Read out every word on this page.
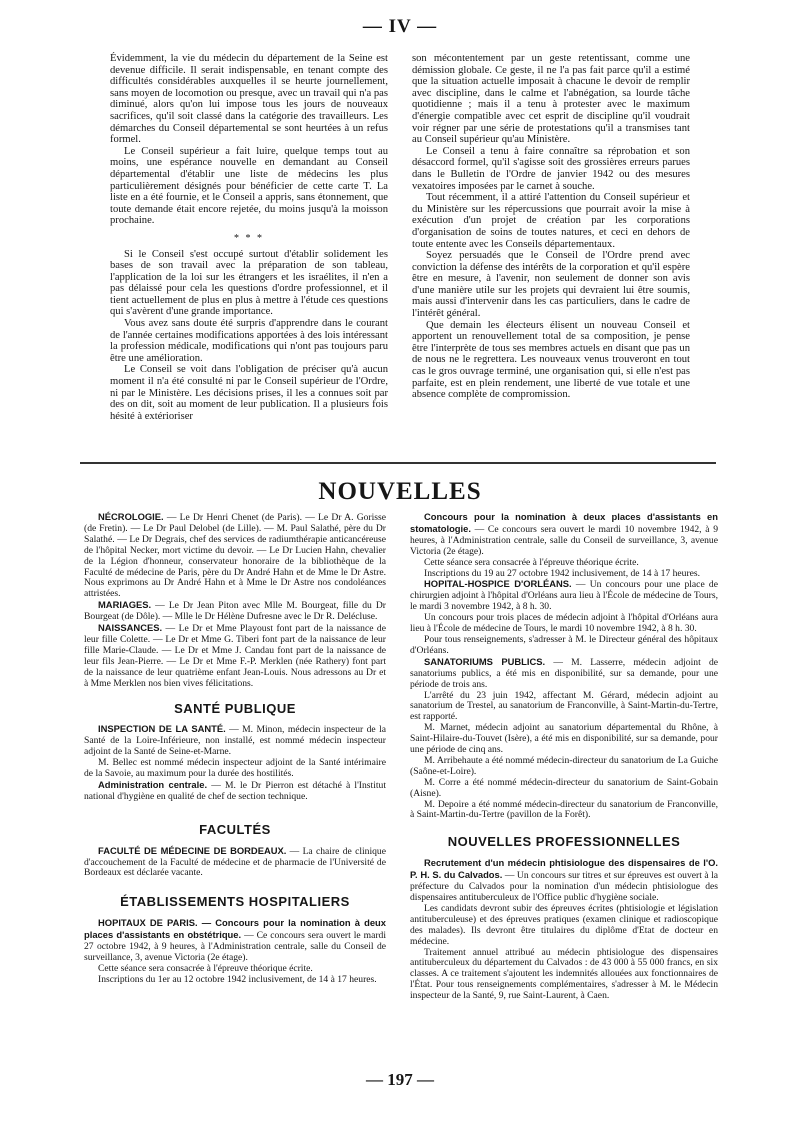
— IV —

Évidemment, la vie du médecin du département de la Seine est devenue difficile. Il serait indispensable, en tenant compte des difficultés considérables auxquelles il se heurte journellement, sans moyen de locomotion ou presque, avec un travail qui n'a pas diminué, alors qu'on lui impose tous les jours de nouveaux sacrifices, qu'il soit classé dans la catégorie des travailleurs. Les démarches du Conseil départemental se sont heurtées à un refus formel.

Le Conseil supérieur a fait luire, quelque temps tout au moins, une espérance nouvelle en demandant au Conseil départemental d'établir une liste de médecins les plus particulièrement désignés pour bénéficier de cette carte T. La liste en a été fournie, et le Conseil a appris, sans étonnement, que toute demande était encore rejetée, du moins jusqu'à la moisson prochaine.

* * *

Si le Conseil s'est occupé surtout d'établir solidement les bases de son travail avec la préparation de son tableau, l'application de la loi sur les étrangers et les israélites, il n'en a pas délaissé pour cela les questions d'ordre professionnel, et il tient actuellement de plus en plus à mettre à l'étude ces questions qui s'avèrent d'une grande importance.

Vous avez sans doute été surpris d'apprendre dans le courant de l'année certaines modifications apportées à des lois intéressant la profession médicale, modifications qui n'ont pas toujours paru être une amélioration.

Le Conseil se voit dans l'obligation de préciser qu'à aucun moment il n'a été consulté ni par le Conseil supérieur de l'Ordre, ni par le Ministère. Les décisions prises, il les a connues soit par des on dit, soit au moment de leur publication. Il a plusieurs fois hésité à extérioriser

son mécontentement par un geste retentissant, comme une démission globale. Ce geste, il ne l'a pas fait parce qu'il a estimé que la situation actuelle imposait à chacune le devoir de remplir avec discipline, dans le calme et l'abnégation, sa lourde tâche quotidienne ; mais il a tenu à protester avec le maximum d'énergie compatible avec cet esprit de discipline qu'il voudrait voir régner par une série de protestations qu'il a transmises tant au Conseil supérieur qu'au Ministère.

Le Conseil a tenu à faire connaître sa réprobation et son désaccord formel, qu'il s'agisse soit des grossières erreurs parues dans le Bulletin de l'Ordre de janvier 1942 ou des mesures vexatoires imposées par le carnet à souche.

Tout récemment, il a attiré l'attention du Conseil supérieur et du Ministère sur les répercussions que pourrait avoir la mise à exécution d'un projet de création par les corporations d'organisation de soins de toutes natures, et ceci en dehors de toute entente avec les Conseils départementaux.

Soyez persuadés que le Conseil de l'Ordre prend avec conviction la défense des intérêts de la corporation et qu'il espère être en mesure, à l'avenir, non seulement de donner son avis d'une manière utile sur les projets qui devraient lui être soumis, mais aussi d'intervenir dans les cas particuliers, dans le cadre de l'intérêt général.

Que demain les électeurs élisent un nouveau Conseil et apportent un renouvellement total de sa composition, je pense être l'interprète de tous ses membres actuels en disant que pas un de nous ne le regrettera. Les nouveaux venus trouveront en tout cas le gros ouvrage terminé, une organisation qui, si elle n'est pas parfaite, est en plein rendement, une liberté de vue totale et une absence complète de compromission.

NOUVELLES

NÉCROLOGIE. — Le Dr Henri Chenet (de Paris). — Le Dr A. Gorisse (de Fretin). — Le Dr Paul Delobel (de Lille). — M. Paul Salathé, père du Dr Salathé. — Le Dr Degrais, chef des services de radiumthérapie anticancéreuse de l'hôpital Necker, mort victime du devoir. — Le Dr Lucien Hahn, chevalier de la Légion d'honneur, conservateur honoraire de la bibliothèque de la Faculté de médecine de Paris, père du Dr André Hahn et de Mme le Dr Astre. Nous exprimons au Dr André Hahn et à Mme le Dr Astre nos condoléances attristées.

MARIAGES. — Le Dr Jean Piton avec Mlle M. Bourgeat, fille du Dr Bourgeat (de Dôle). — Mlle le Dr Hélène Dufresne avec le Dr R. Delécluse.

NAISSANCES. — Le Dr et Mme Playoust font part de la naissance de leur fille Colette. — Le Dr et Mme G. Tiberi font part de la naissance de leur fille Marie-Claude. — Le Dr et Mme J. Candau font part de la naissance de leur fils Jean-Pierre. — Le Dr et Mme F.-P. Merklen (née Rathery) font part de la naissance de leur quatrième enfant Jean-Louis. Nous adressons au Dr et à Mme Merklen nos bien vives félicitations.

SANTÉ PUBLIQUE

INSPECTION DE LA SANTÉ. — M. Minon, médecin inspecteur de la Santé de la Loire-Inférieure, non installé, est nommé médecin inspecteur adjoint de la Santé de Seine-et-Marne.

M. Bellec est nommé médecin inspecteur adjoint de la Santé intérimaire de la Savoie, au maximum pour la durée des hostilités.

Administration centrale. — M. le Dr Pierron est détaché à l'Institut national d'hygiène en qualité de chef de section technique.

FACULTÉS

FACULTÉ DE MÉDECINE DE BORDEAUX. — La chaire de clinique d'accouchement de la Faculté de médecine et de pharmacie de l'Université de Bordeaux est déclarée vacante.

ÉTABLISSEMENTS HOSPITALIERS

HOPITAUX DE PARIS. — Concours pour la nomination à deux places d'assistants en obstétrique. — Ce concours sera ouvert le mardi 27 octobre 1942, à 9 heures, à l'Administration centrale, salle du Conseil de surveillance, 3, avenue Victoria (2e étage).

Cette séance sera consacrée à l'épreuve théorique écrite.

Inscriptions du 1er au 12 octobre 1942 inclusivement, de 14 à 17 heures.

Concours pour la nomination à deux places d'assistants en stomatologie. — Ce concours sera ouvert le mardi 10 novembre 1942, à 9 heures, à l'Administration centrale, salle du Conseil de surveillance, 3, avenue Victoria (2e étage).

Cette séance sera consacrée à l'épreuve théorique écrite.

Inscriptions du 19 au 27 octobre 1942 inclusivement, de 14 à 17 heures.

HOPITAL-HOSPICE D'ORLÉANS. — Un concours pour une place de chirurgien adjoint à l'hôpital d'Orléans aura lieu à l'École de médecine de Tours, le mardi 3 novembre 1942, à 8 h. 30.

Un concours pour trois places de médecin adjoint à l'hôpital d'Orléans aura lieu à l'École de médecine de Tours, le mardi 10 novembre 1942, à 8 h. 30.

Pour tous renseignements, s'adresser à M. le Directeur général des hôpitaux d'Orléans.

SANATORIUMS PUBLICS. — M. Lasserre, médecin adjoint de sanatoriums publics, a été mis en disponibilité, sur sa demande, pour une période de trois ans.

L'arrêté du 23 juin 1942, affectant M. Gérard, médecin adjoint au sanatorium de Trestel, au sanatorium de Franconville, à Saint-Martin-du-Tertre, est rapporté.

M. Marnet, médecin adjoint au sanatorium départemental du Rhône, à Saint-Hilaire-du-Touvet (Isère), a été mis en disponibilité, sur sa demande, pour une période de cinq ans.

M. Arribehaute a été nommé médecin-directeur du sanatorium de La Guiche (Saône-et-Loire).

M. Corre a été nommé médecin-directeur du sanatorium de Saint-Gobain (Aisne).

M. Depoire a été nommé médecin-directeur du sanatorium de Franconville, à Saint-Martin-du-Tertre (pavillon de la Forêt).

NOUVELLES PROFESSIONNELLES

Recrutement d'un médecin phtisiologue des dispensaires de l'O. P. H. S. du Calvados. — Un concours sur titres et sur épreuves est ouvert à la préfecture du Calvados pour la nomination d'un médecin phtisiologue des dispensaires antituberculeux de l'Office public d'hygiène sociale.

Les candidats devront subir des épreuves écrites (phtisiologie et législation antituberculeuse) et des épreuves pratiques (examen clinique et radioscopique des malades). Ils devront être titulaires du diplôme d'Etat de docteur en médecine.

Traitement annuel attribué au médecin phtisiologue des dispensaires antituberculeux du département du Calvados : de 43 000 à 55 000 francs, en six classes. A ce traitement s'ajoutent les indemnités allouées aux fonctionnaires de l'État. Pour tous renseignements complémentaires, s'adresser à M. le Médecin inspecteur de la Santé, 9, rue Saint-Laurent, à Caen.

— 197 —
